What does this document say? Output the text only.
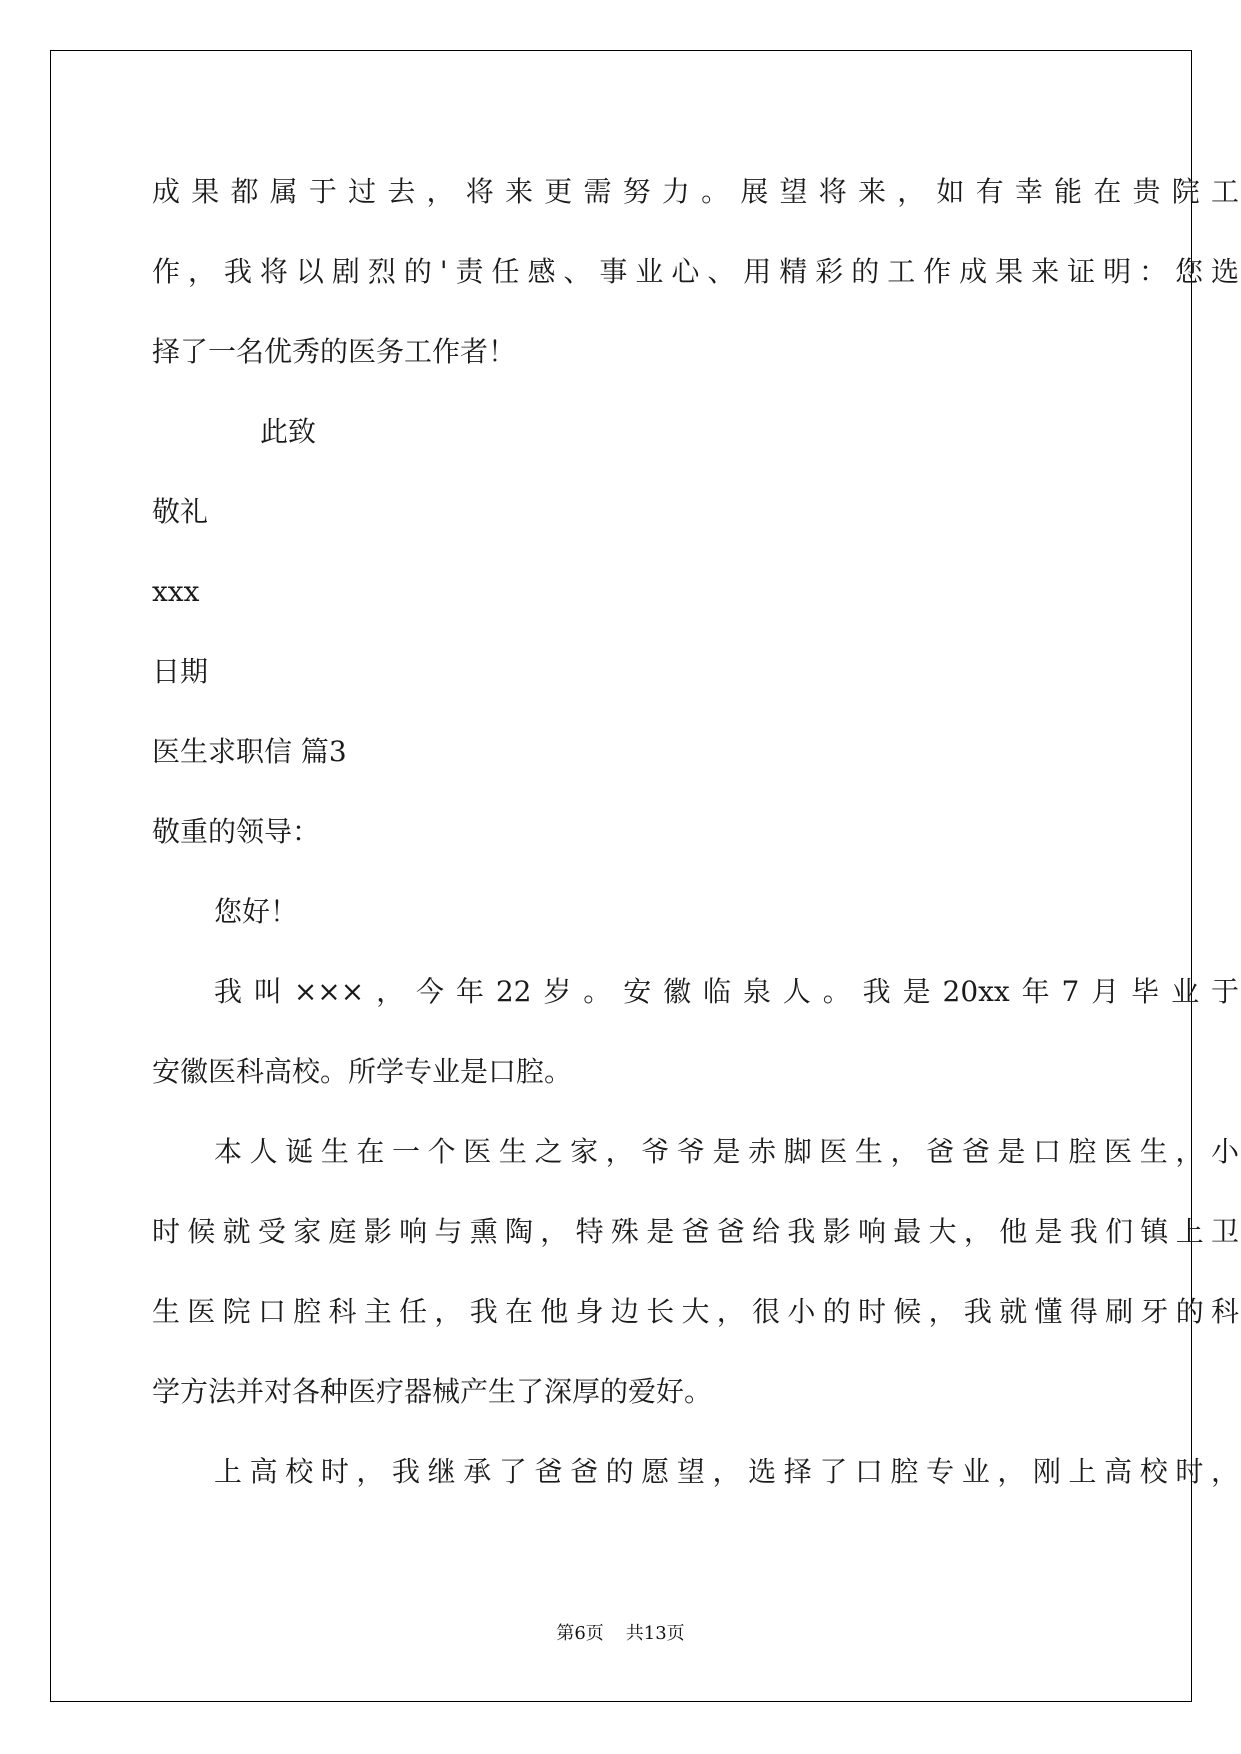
成果都属于过去，将来更需努力。展望将来，如有幸能在贵院工
作，我将以剧烈的'责任感、事业心、用精彩的工作成果来证明：您选
择了一名优秀的医务工作者！
此致
敬礼
xxx
日期
医生求职信 篇3
敬重的领导：
您好！
我叫×××，今年22岁。安徽临泉人。我是20xx年7月毕业于
安徽医科高校。所学专业是口腔。
本人诞生在一个医生之家，爷爷是赤脚医生，爸爸是口腔医生，小
时候就受家庭影响与熏陶，特殊是爸爸给我影响最大，他是我们镇上卫
生医院口腔科主任，我在他身边长大，很小的时候，我就懂得刷牙的科
学方法并对各种医疗器械产生了深厚的爱好。
上高校时，我继承了爸爸的愿望，选择了口腔专业，刚上高校时，
第6页 共13页
